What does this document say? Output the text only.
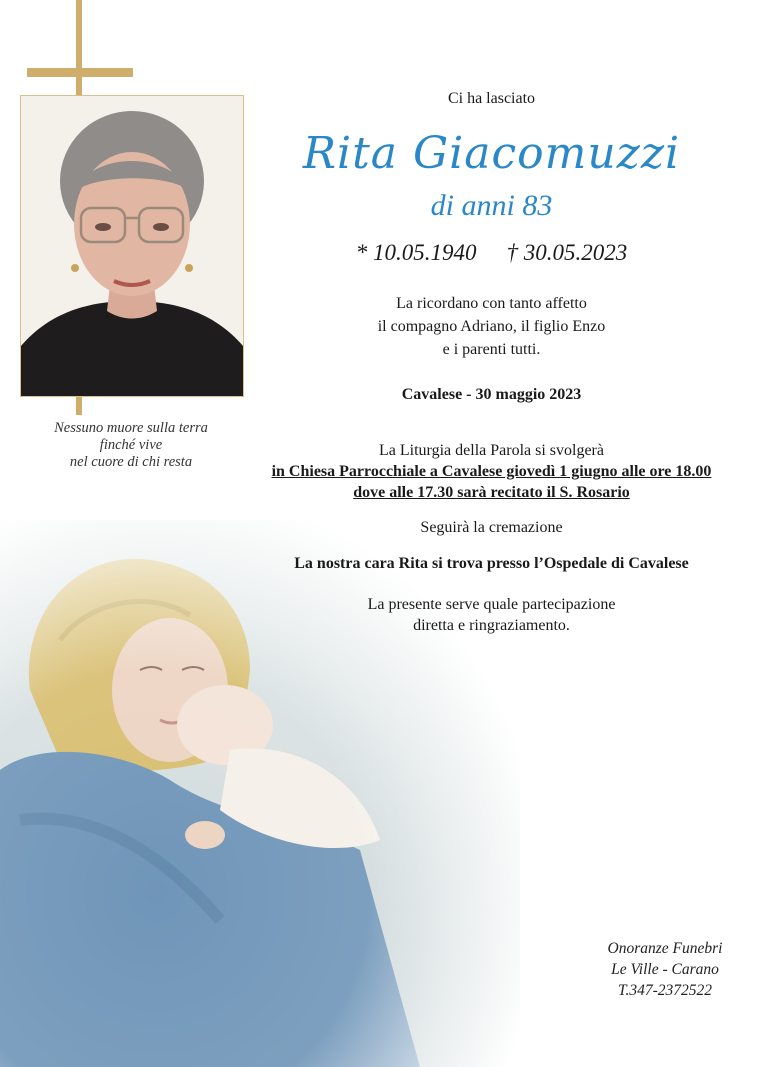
Nessuno muore sulla terra
finché vive
nel cuore di chi resta
Ci ha lasciato
Rita Giacomuzzi
di anni 83
* 10.05.1940 † 30.05.2023
La ricordano con tanto affetto
il compagno Adriano, il figlio Enzo
e i parenti tutti.
Cavalese - 30 maggio 2023
La Liturgia della Parola si svolgerà
in Chiesa Parrocchiale a Cavalese giovedì 1 giugno alle ore 18.00
dove alle 17.30 sarà recitato il S. Rosario
Seguirà la cremazione
La nostra cara Rita si trova presso l’Ospedale di Cavalese
La presente serve quale partecipazione
diretta e ringraziamento.
Onoranze Funebri
Le Ville - Carano
T.347-2372522
